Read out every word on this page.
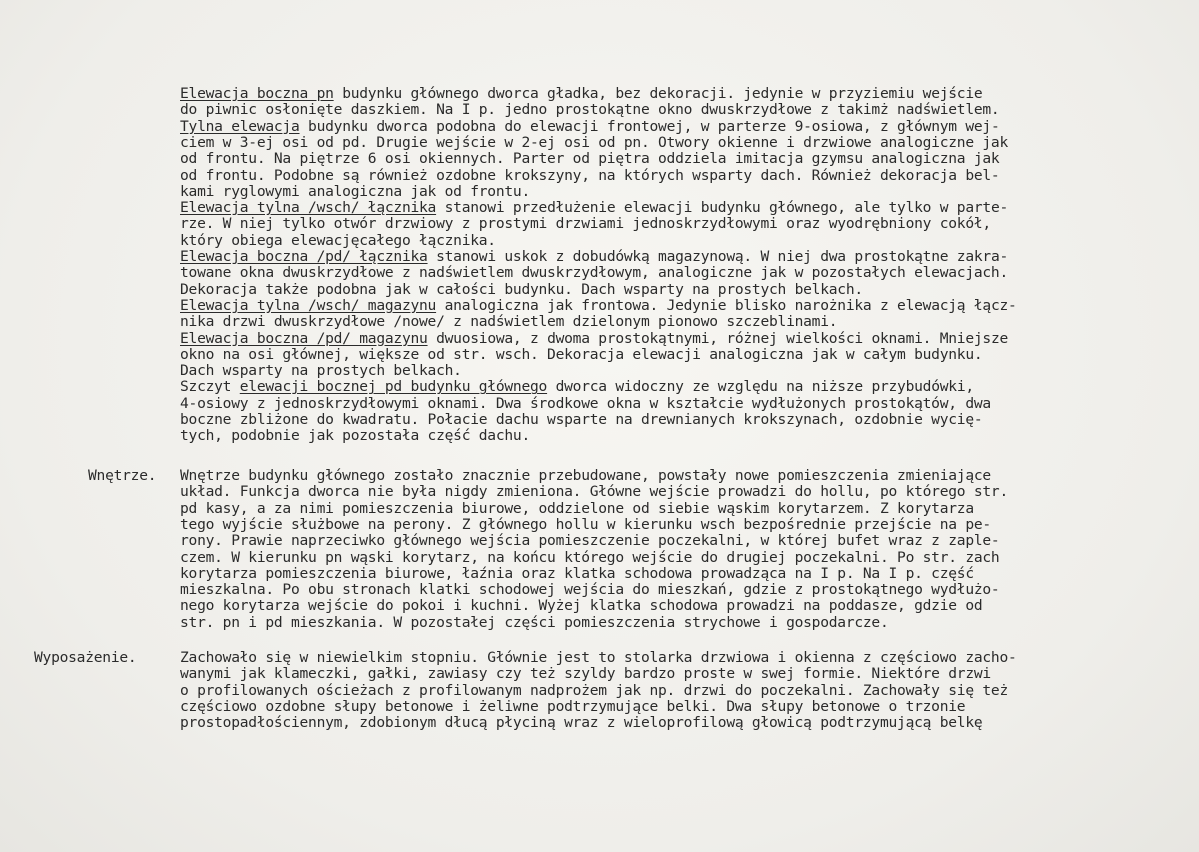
Elewacja boczna pn budynku głównego dworca gładka, bez dekoracji. jedynie w przyziemiu wejście
do piwnic osłonięte daszkiem. Na I p. jedno prostokątne okno dwuskrzydłowe z takimż nadświetlem.
Tylna elewacja budynku dworca podobna do elewacji frontowej, w parterze 9-osiowa, z głównym wej-
ciem w 3-ej osi od pd. Drugie wejście w 2-ej osi od pn. Otwory okienne i drzwiowe analogiczne jak
od frontu. Na piętrze 6 osi okiennych. Parter od piętra oddziela imitacja gzymsu analogiczna jak
od frontu. Podobne są również ozdobne krokszyny, na których wsparty dach. Również dekoracja bel-
kami ryglowymi analogiczna jak od frontu.
Elewacja tylna /wsch/ łącznika stanowi przedłużenie elewacji budynku głównego, ale tylko w parte-
rze. W niej tylko otwór drzwiowy z prostymi drzwiami jednoskrzydłowymi oraz wyodrębniony cokół,
który obiega elewacjęcałego łącznika.
Elewacja boczna /pd/ łącznika stanowi uskok z dobudówką magazynową. W niej dwa prostokątne zakra-
towane okna dwuskrzydłowe z nadświetlem dwuskrzydłowym, analogiczne jak w pozostałych elewacjach.
Dekoracja także podobna jak w całości budynku. Dach wsparty na prostych belkach.
Elewacja tylna /wsch/ magazynu analogiczna jak frontowa. Jedynie blisko narożnika z elewacją łącz-
nika drzwi dwuskrzydłowe /nowe/ z nadświetlem dzielonym pionowo szczeblinami.
Elewacja boczna /pd/ magazynu dwuosiowa, z dwoma prostokątnymi, różnej wielkości oknami. Mniejsze
okno na osi głównej, większe od str. wsch. Dekoracja elewacji analogiczna jak w całym budynku.
Dach wsparty na prostych belkach.
Szczyt elewacji bocznej pd budynku głównego dworca widoczny ze względu na niższe przybudówki,
4-osiowy z jednoskrzydłowymi oknami. Dwa środkowe okna w kształcie wydłużonych prostokątów, dwa
boczne zbliżone do kwadratu. Połacie dachu wsparte na drewnianych krokszynach, ozdobnie wycię-
tych, podobnie jak pozostała część dachu.
Wnętrze budynku głównego zostało znacznie przebudowane, powstały nowe pomieszczenia zmieniające
układ. Funkcja dworca nie była nigdy zmieniona. Główne wejście prowadzi do hollu, po którego str.
pd kasy, a za nimi pomieszczenia biurowe, oddzielone od siebie wąskim korytarzem. Z korytarza
tego wyjście służbowe na perony. Z głównego hollu w kierunku wsch bezpośrednie przejście na pe-
rony. Prawie naprzeciwko głównego wejścia pomieszczenie poczekalni, w której bufet wraz z zaple-
czem. W kierunku pn wąski korytarz, na końcu którego wejście do drugiej poczekalni. Po str. zach
korytarza pomieszczenia biurowe, łaźnia oraz klatka schodowa prowadząca na I p. Na I p. część
mieszkalna. Po obu stronach klatki schodowej wejścia do mieszkań, gdzie z prostokątnego wydłużo-
nego korytarza wejście do pokoi i kuchni. Wyżej klatka schodowa prowadzi na poddasze, gdzie od
str. pn i pd mieszkania. W pozostałej części pomieszczenia strychowe i gospodarcze.
Zachowało się w niewielkim stopniu. Głównie jest to stolarka drzwiowa i okienna z częściowo zacho-
wanymi jak klameczki, gałki, zawiasy czy też szyldy bardzo proste w swej formie. Niektóre drzwi
o profilowanych ościeżach z profilowanym nadprożem jak np. drzwi do poczekalni. Zachowały się też
częściowo ozdobne słupy betonowe i żeliwne podtrzymujące belki. Dwa słupy betonowe o trzonie
prostopadłościennym, zdobionym dłucą płyciną wraz z wieloprofilową głowicą podtrzymującą belkę
Wnętrze.
Wyposażenie.
